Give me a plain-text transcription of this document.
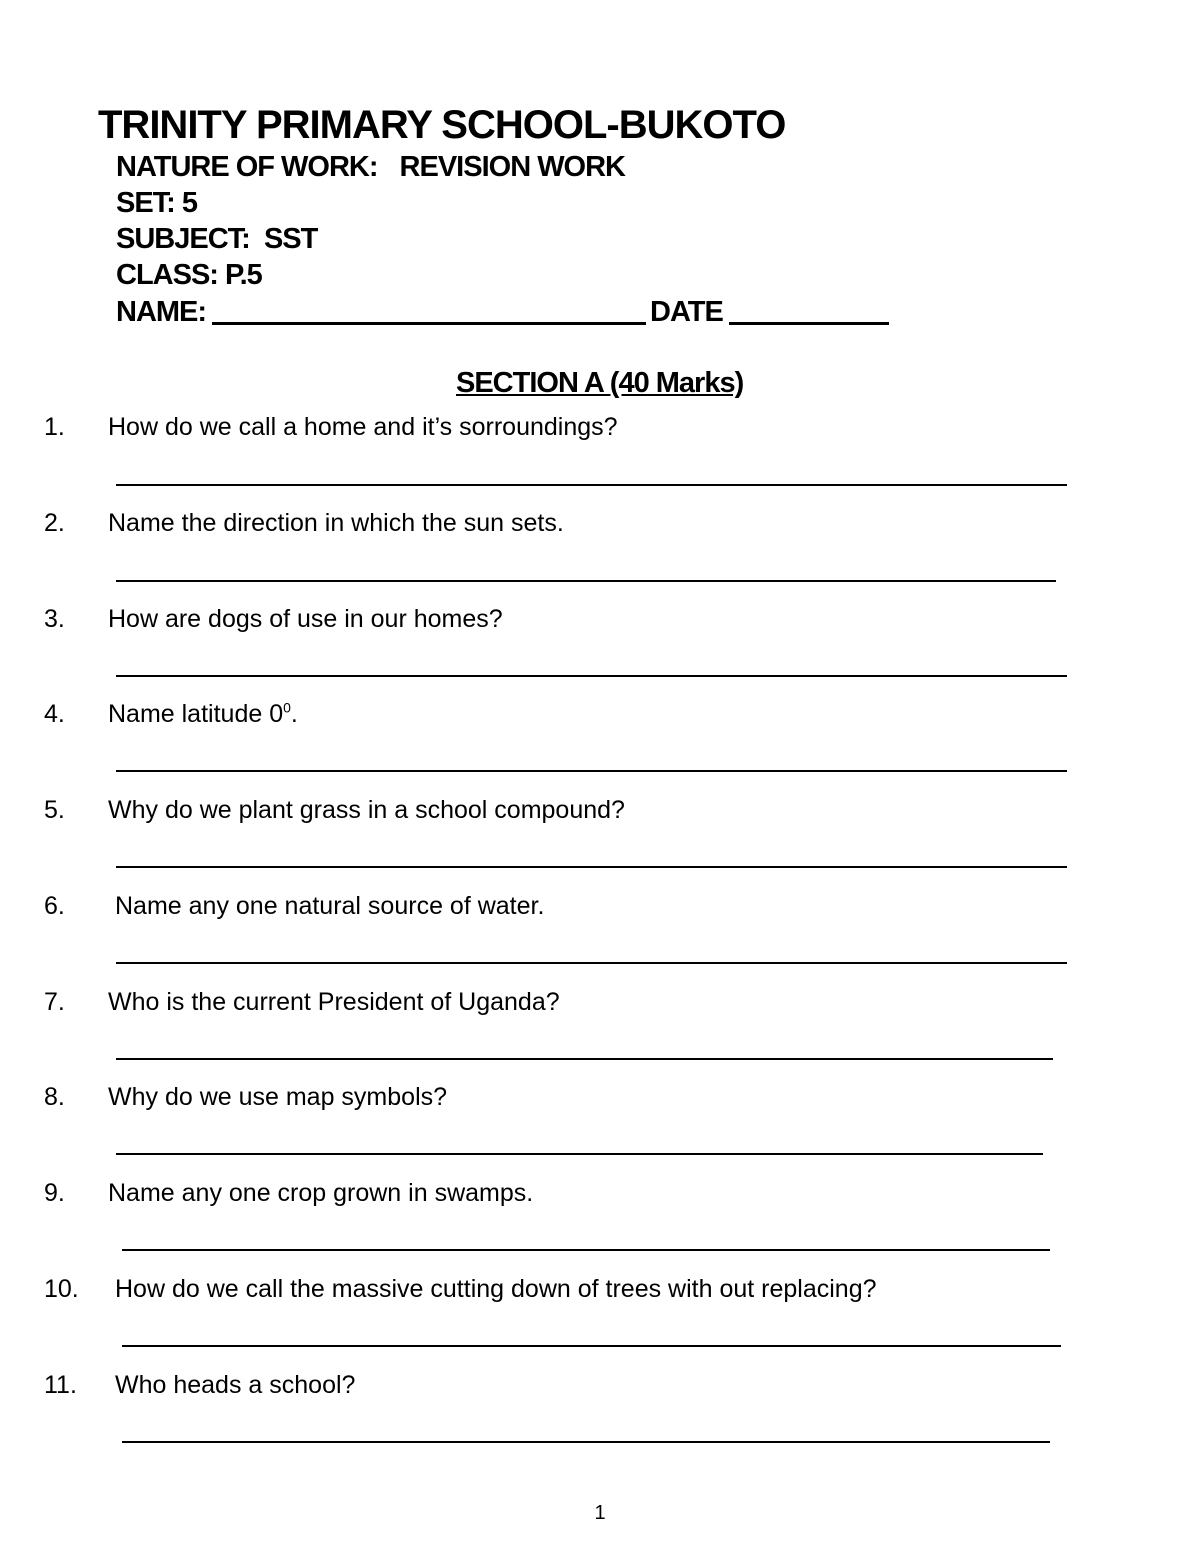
TRINITY PRIMARY SCHOOL-BUKOTO
NATURE OF WORK: REVISION WORK
SET: 5
SUBJECT: SST
CLASS: P.5
NAME:	DATE
SECTION A (40 Marks)
1. How do we call a home and it’s sorroundings?
2. Name the direction in which the sun sets.
3. How are dogs of use in our homes?
4. Name latitude $0^0$.
5. Why do we plant grass in a school compound?
6. Name any one natural source of water.
7. Who is the current President of Uganda?
8. Why do we use map symbols?
9. Name any one crop grown in swamps.
10. How do we call the massive cutting down of trees with out replacing?
11. Who heads a school?
1
